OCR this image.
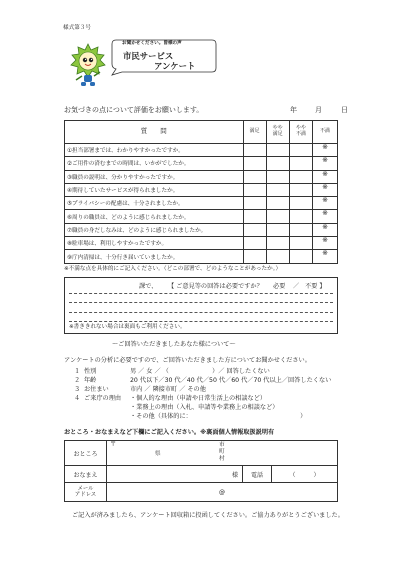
様式第３号
お聞かせください。皆様の声
市民サービス
アンケート
お気づきの点について評価をお願いします。	年	月	日
質　　問	満足	やや満足	やや不満	不満
①担当部署までは、わかりやすかったですか。				※
②ご用件の済むまでの時間は、いかがでしたか。				※
③職員の説明は、分かりやすかったですか。				※
④期待していたサービスが得られましたか。				※
⑤プライバシーの配慮は、十分されましたか。				※
⑥周りの職員は、どのように感じられましたか。				※
⑦職員の身だしなみは、どのように感じられましたか。				※
⑧駐車場は、利用しやすかったですか。				※
⑨庁内清掃は、十分行き届いていましたか。				※
※不満な点を具体的にご記入ください。（どこの部署で、どのようなことがあったか。）
課で、 【 ご意見等の回答は必要ですか？ 必要 ／ 不要 】
※書ききれない場合は裏面もご利用ください。
〜ご回答いただきましたあなた様について〜
アンケートの分析に必要ですので、ご回答いただきました方についてお聞かせください。
１ 性別	男 ／ 女 ／ （　　　　　　　）／ 回答したくない
２ 年齢	20 代以下／30 代／40 代／50 代／60 代／70 代以上／回答したくない
３ お住まい	市内 ／ 隣接市町 ／ その他
４ ご来庁の理由 ・個人的な理由（申請や日常生活上の相談など）
・業務上の理由（入札、申請等や業務上の相談など）
・その他（具体的に：　　　　　　　　　　　　　　　　　　）
おところ・おなまえなど下欄にご記入ください。※裏面個人情報取扱説明有
おところ	〒
県
市
町
村		

おなまえ	様	電話	（　　　）

メール
アドレス	@		
ご記入が済みましたら、アンケート回収箱に投函してください。ご協力ありがとうございました。
